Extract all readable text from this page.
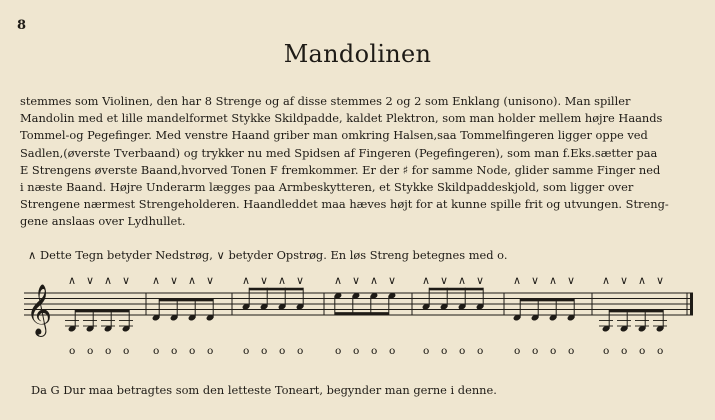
8
Mandolinen

stemmes som Violinen, den har 8 Strenge og af disse stemmes 2 og 2 som Enklang (unisono). Man spiller
Mandolin med et lille mandelformet Stykke Skildpadde, kaldet Plektron, som man holder mellem højre Haands
Tommel-og Pegefinger. Med venstre Haand griber man omkring Halsen,saa Tommelfingeren ligger oppe ved
Sadlen,(øverste Tverbaand) og trykker nu med Spidsen af Fingeren (Pegefingeren), som man f.Eks.sætter paa
E Strengens øverste Baand,hvorved Tonen F fremkommer. Er der ♯ for samme Node, glider samme Finger ned
i næste Baand. Højre Underarm lægges paa Armbeskytteren, et Stykke Skildpaddeskjold, som ligger over
Strengene nærmest Strengeholderen. Haandleddet maa hæves højt for at kunne spille frit og utvungen. Streng-
gene anslaas over Lydhullet.

∧ Dette Tegn betyder Nedstrøg, ∨ betyder Opstrøg. En løs Streng betegnes med o.
𝄞
∧
o
∨
o
∧
o
∨
o
∧
o
∨
o
∧
o
∨
o
∧
o
∨
o
∧
o
∨
o
∧
o
∨
o
∧
o
∨
o
∧
o
∨
o
∧
o
∨
o
∧
o
∨
o
∧
o
∨
o
∧
o
∨
o
∧
o
∨
o
Da G Dur maa betragtes som den letteste Toneart, begynder man gerne i denne.
